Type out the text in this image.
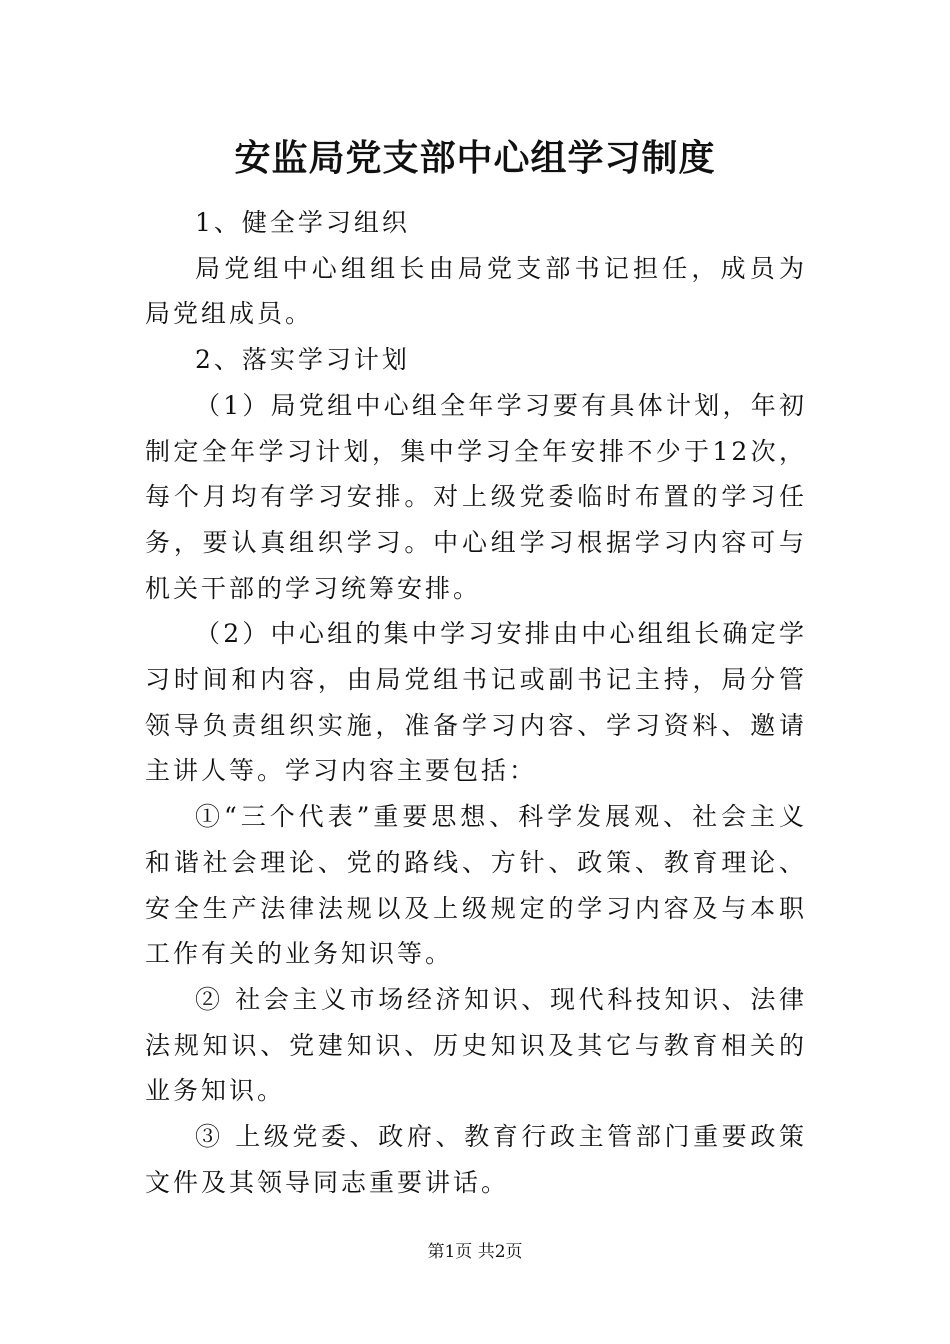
安监局党支部中心组学习制度

1、健全学习组织

局党组中心组组长由局党支部书记担任，成员为局党组成员。

2、落实学习计划

（1）局党组中心组全年学习要有具体计划，年初制定全年学习计划，集中学习全年安排不少于12次，每个月均有学习安排。对上级党委临时布置的学习任务，要认真组织学习。中心组学习根据学习内容可与机关干部的学习统筹安排。

（2）中心组的集中学习安排由中心组组长确定学习时间和内容，由局党组书记或副书记主持，局分管领导负责组织实施，准备学习内容、学习资料、邀请主讲人等。学习内容主要包括：

①“三个代表”重要思想、科学发展观、社会主义和谐社会理论、党的路线、方针、政策、教育理论、安全生产法律法规以及上级规定的学习内容及与本职工作有关的业务知识等。

② 社会主义市场经济知识、现代科技知识、法律法规知识、党建知识、历史知识及其它与教育相关的业务知识。

③ 上级党委、政府、教育行政主管部门重要政策文件及其领导同志重要讲话。

第1页 共2页
